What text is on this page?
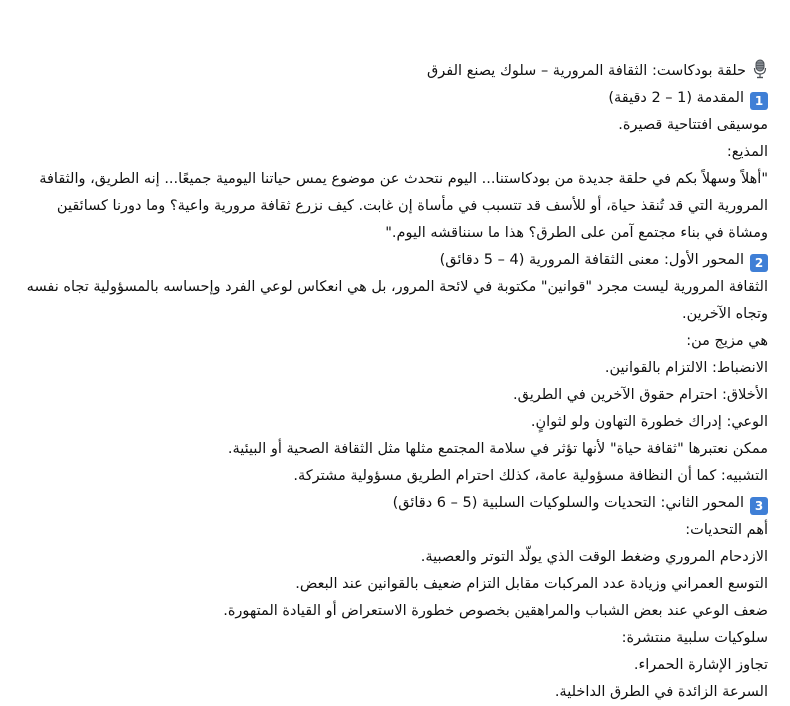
حلقة بودكاست: الثقافة المرورية – سلوك يصنع الفرق
1المقدمة (1 – 2 دقيقة)
موسيقى افتتاحية قصيرة.
المذيع:
"أهلاً وسهلاً بكم في حلقة جديدة من بودكاستنا... اليوم نتحدث عن موضوع يمس حياتنا اليومية جميعًا... إنه الطريق، والثقافة المرورية التي قد تُنقذ حياة، أو للأسف قد تتسبب في مأساة إن غابت. كيف نزرع ثقافة مرورية واعية؟ وما دورنا كسائقين ومشاة في بناء مجتمع آمن على الطرق؟ هذا ما سنناقشه اليوم."
2المحور الأول: معنى الثقافة المرورية (4 – 5 دقائق)
الثقافة المرورية ليست مجرد "قوانين" مكتوبة في لائحة المرور، بل هي انعكاس لوعي الفرد وإحساسه بالمسؤولية تجاه نفسه وتجاه الآخرين.
هي مزيج من:
الانضباط: الالتزام بالقوانين.
الأخلاق: احترام حقوق الآخرين في الطريق.
الوعي: إدراك خطورة التهاون ولو لثوانٍ.
ممكن نعتبرها "ثقافة حياة" لأنها تؤثر في سلامة المجتمع مثلها مثل الثقافة الصحية أو البيئية.
التشبيه: كما أن النظافة مسؤولية عامة، كذلك احترام الطريق مسؤولية مشتركة.
3المحور الثاني: التحديات والسلوكيات السلبية (5 – 6 دقائق)
أهم التحديات:
الازدحام المروري وضغط الوقت الذي يولّد التوتر والعصبية.
التوسع العمراني وزيادة عدد المركبات مقابل التزام ضعيف بالقوانين عند البعض.
ضعف الوعي عند بعض الشباب والمراهقين بخصوص خطورة الاستعراض أو القيادة المتهورة.
سلوكيات سلبية منتشرة:
تجاوز الإشارة الحمراء.
السرعة الزائدة في الطرق الداخلية.
